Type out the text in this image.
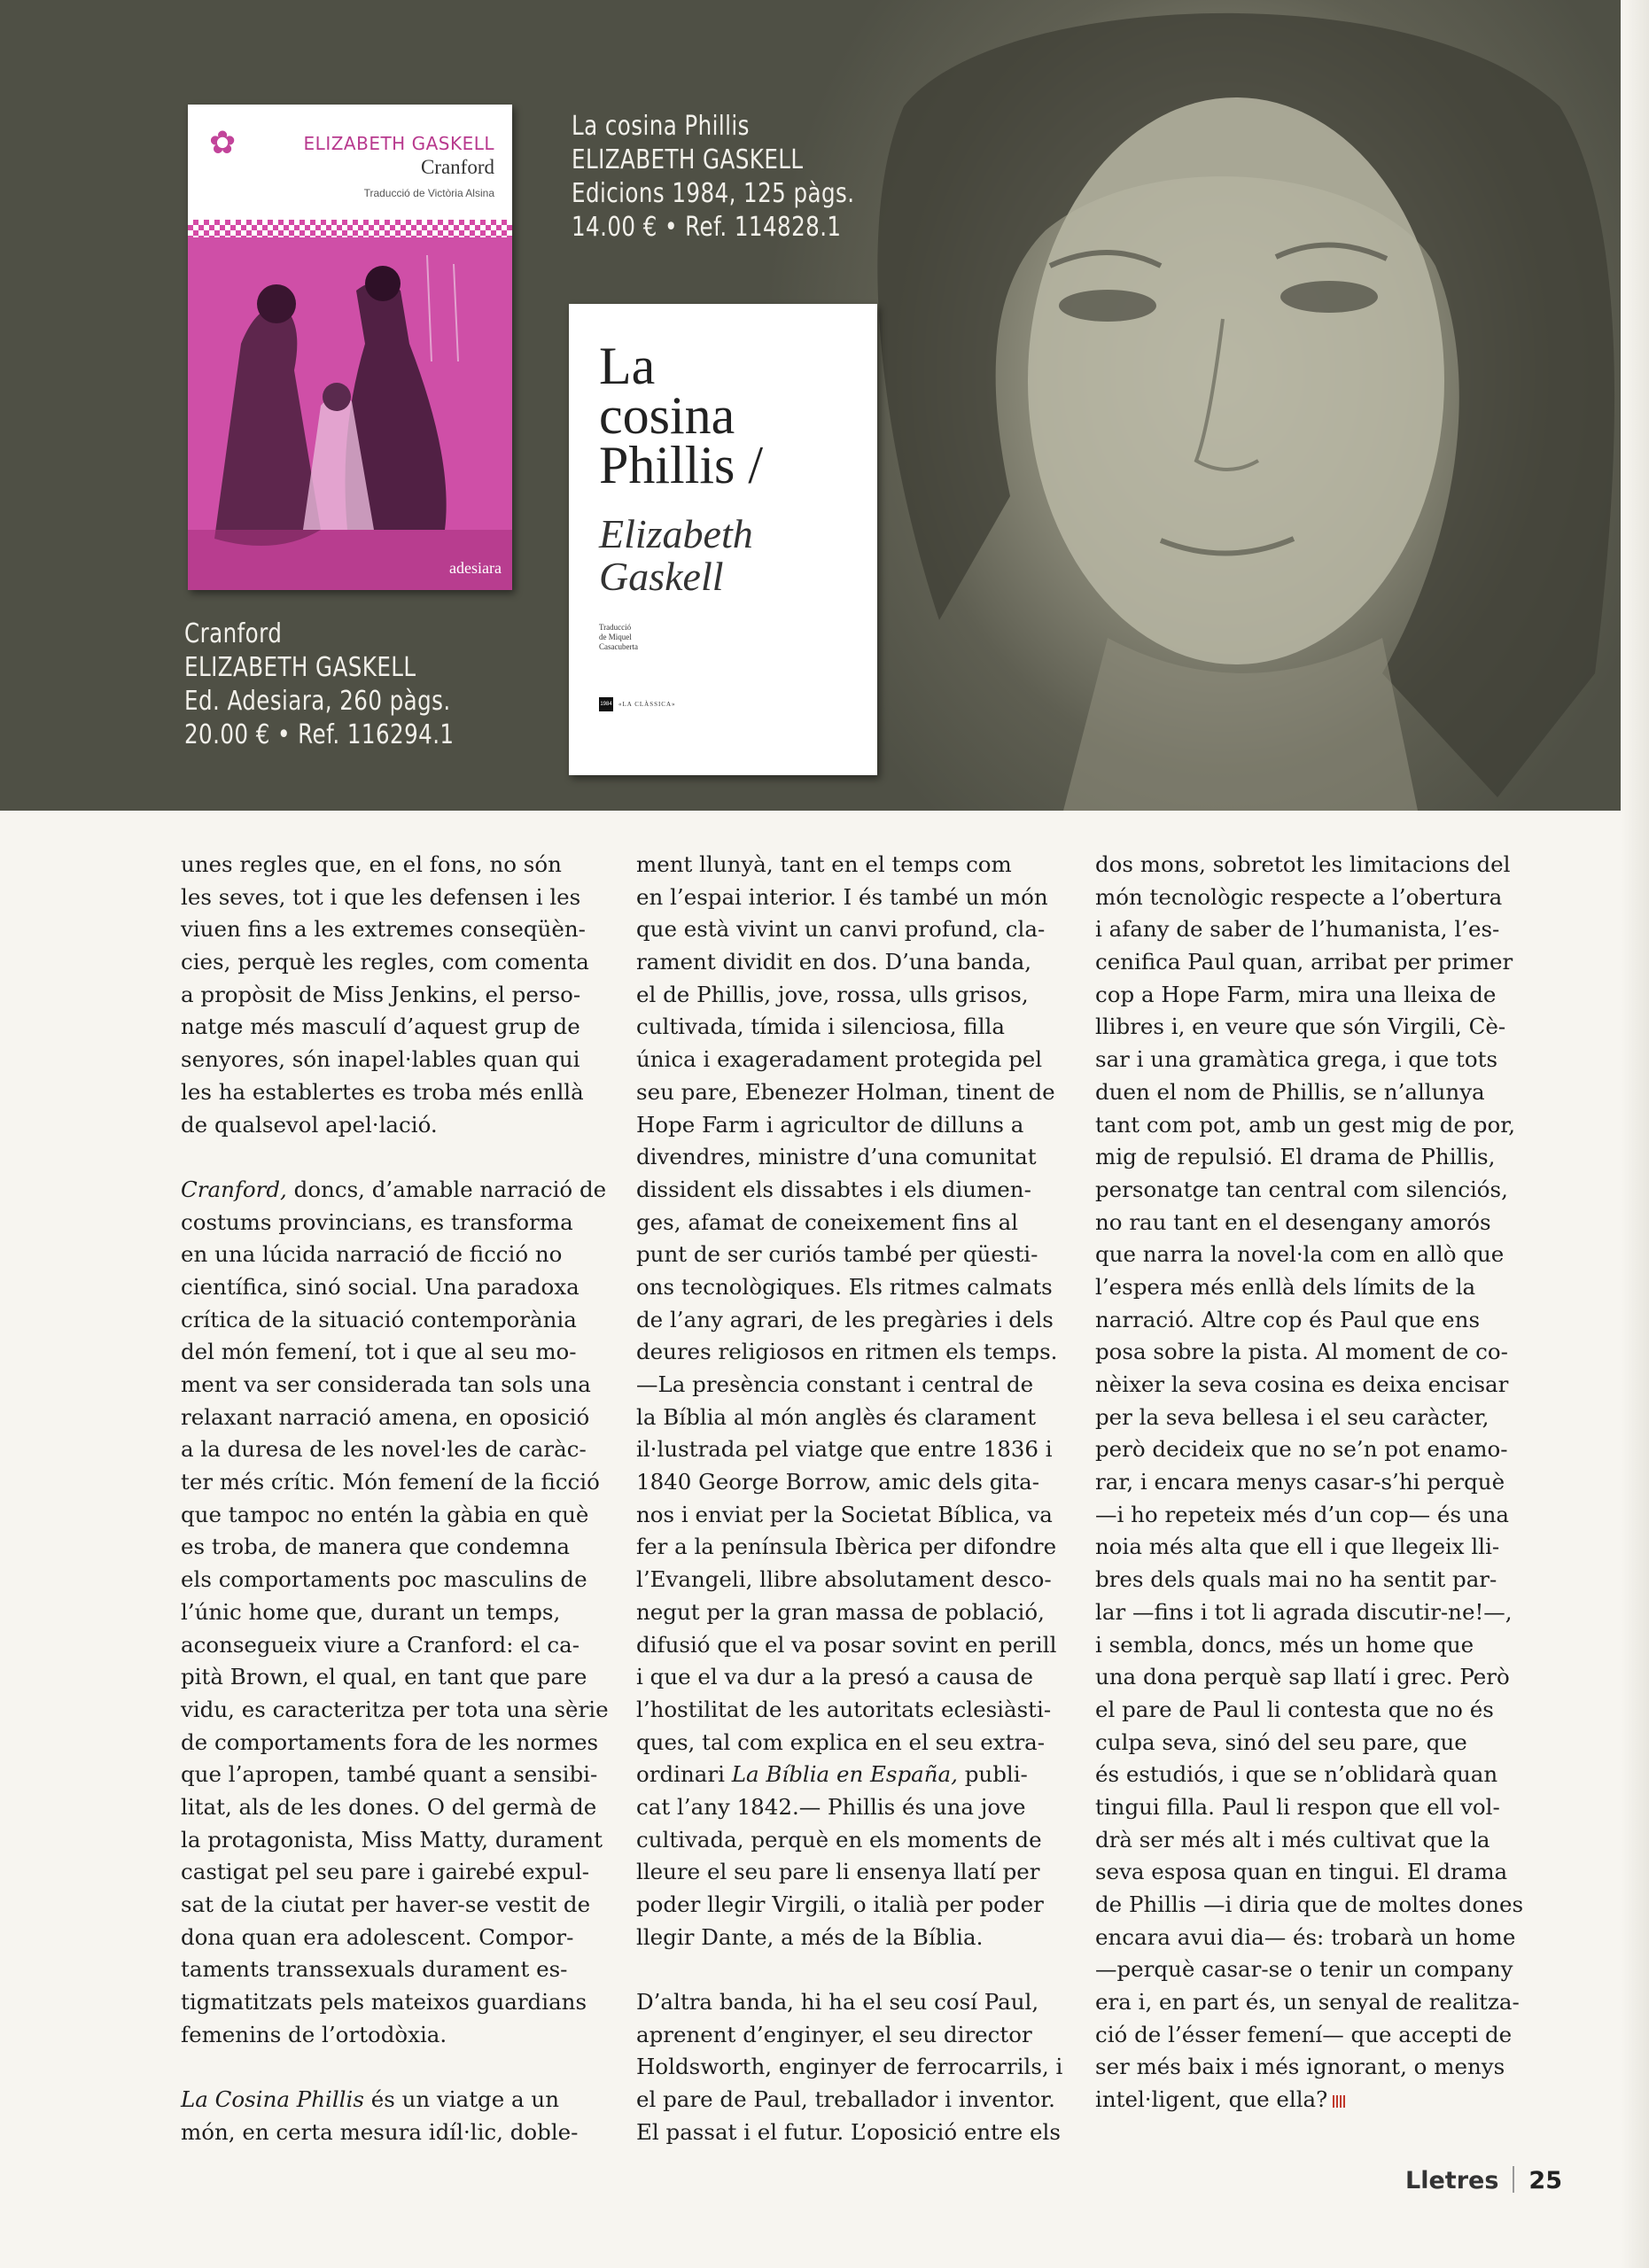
La cosina Phillis
ELIZABETH GASKELL
Edicions 1984, 125 pàgs.
14.00 € • Ref. 114828.1
Cranford
ELIZABETH GASKELL
Ed. Adesiara, 260 pàgs.
20.00 € • Ref. 116294.1
✿	ELIZABETH GASKELL
Cranford
Traducció de Victòria Alsina
adesiara
La
cosina
Phillis /
Elizabeth
Gaskell
Traducció
de Miquel
Casacuberta
1984 «LA CLÀSSICA»
unes regles que, en el fons, no són
les seves, tot i que les defensen i les
viuen fins a les extremes conseqüèn-
cies, perquè les regles, com comenta
a propòsit de Miss Jenkins, el perso-
natge més masculí d’aquest grup de
senyores, són inapel·lables quan qui
les ha establertes es troba més enllà
de qualsevol apel·lació.
Cranford, doncs, d’amable narració de
costums provincians, es transforma
en una lúcida narració de ficció no
científica, sinó social. Una paradoxa
crítica de la situació contemporània
del món femení, tot i que al seu mo-
ment va ser considerada tan sols una
relaxant narració amena, en oposició
a la duresa de les novel·les de caràc-
ter més crític. Món femení de la ficció
que tampoc no entén la gàbia en què
es troba, de manera que condemna
els comportaments poc masculins de
l’únic home que, durant un temps,
aconsegueix viure a Cranford: el ca-
pità Brown, el qual, en tant que pare
vidu, es caracteritza per tota una sèrie
de comportaments fora de les normes
que l’apropen, també quant a sensibi-
litat, als de les dones. O del germà de
la protagonista, Miss Matty, durament
castigat pel seu pare i gairebé expul-
sat de la ciutat per haver-se vestit de
dona quan era adolescent. Compor-
taments transsexuals durament es-
tigmatitzats pels mateixos guardians
femenins de l’ortodòxia.
La Cosina Phillis és un viatge a un
món, en certa mesura idíl·lic, doble-
ment llunyà, tant en el temps com
en l’espai interior. I és també un món
que està vivint un canvi profund, cla-
rament dividit en dos. D’una banda,
el de Phillis, jove, rossa, ulls grisos,
cultivada, tímida i silenciosa, filla
única i exageradament protegida pel
seu pare, Ebenezer Holman, tinent de
Hope Farm i agricultor de dilluns a
divendres, ministre d’una comunitat
dissident els dissabtes i els diumen-
ges, afamat de coneixement fins al
punt de ser curiós també per qüesti-
ons tecnològiques. Els ritmes calmats
de l’any agrari, de les pregàries i dels
deures religiosos en ritmen els temps.
—La presència constant i central de
la Bíblia al món anglès és clarament
il·lustrada pel viatge que entre 1836 i
1840 George Borrow, amic dels gita-
nos i enviat per la Societat Bíblica, va
fer a la península Ibèrica per difondre
l’Evangeli, llibre absolutament desco-
negut per la gran massa de població,
difusió que el va posar sovint en perill
i que el va dur a la presó a causa de
l’hostilitat de les autoritats eclesiàsti-
ques, tal com explica en el seu extra-
ordinari La Bíblia en España, publi-
cat l’any 1842.— Phillis és una jove
cultivada, perquè en els moments de
lleure el seu pare li ensenya llatí per
poder llegir Virgili, o italià per poder
llegir Dante, a més de la Bíblia.
D’altra banda, hi ha el seu cosí Paul,
aprenent d’enginyer, el seu director
Holdsworth, enginyer de ferrocarrils, i
el pare de Paul, treballador i inventor.
El passat i el futur. L’oposició entre els
dos mons, sobretot les limitacions del
món tecnològic respecte a l’obertura
i afany de saber de l’humanista, l’es-
cenifica Paul quan, arribat per primer
cop a Hope Farm, mira una lleixa de
llibres i, en veure que són Virgili, Cè-
sar i una gramàtica grega, i que tots
duen el nom de Phillis, se n’allunya
tant com pot, amb un gest mig de por,
mig de repulsió. El drama de Phillis,
personatge tan central com silenciós,
no rau tant en el desengany amorós
que narra la novel·la com en allò que
l’espera més enllà dels límits de la
narració. Altre cop és Paul que ens
posa sobre la pista. Al moment de co-
nèixer la seva cosina es deixa encisar
per la seva bellesa i el seu caràcter,
però decideix que no se’n pot enamo-
rar, i encara menys casar-s’hi perquè
—i ho repeteix més d’un cop— és una
noia més alta que ell i que llegeix lli-
bres dels quals mai no ha sentit par-
lar —fins i tot li agrada discutir-ne!—,
i sembla, doncs, més un home que
una dona perquè sap llatí i grec. Però
el pare de Paul li contesta que no és
culpa seva, sinó del seu pare, que
és estudiós, i que se n’oblidarà quan
tingui filla. Paul li respon que ell vol-
drà ser més alt i més cultivat que la
seva esposa quan en tingui. El drama
de Phillis —i diria que de moltes dones
encara avui dia— és: trobarà un home
—perquè casar-se o tenir un company
era i, en part és, un senyal de realitza-
ció de l’ésser femení— que accepti de
ser més baix i més ignorant, o menys
intel·ligent, que ella?
Lletres 25
